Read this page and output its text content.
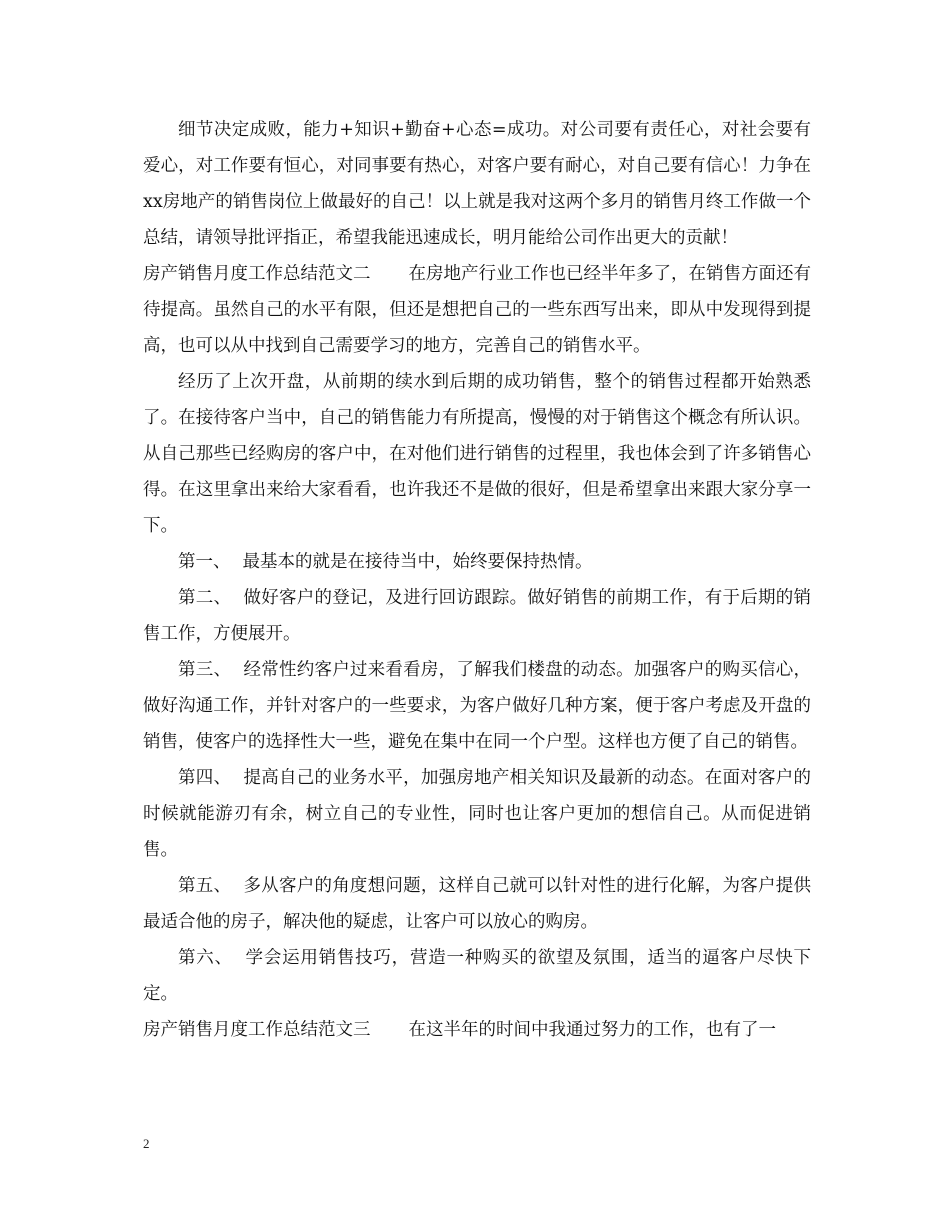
细节决定成败，能力+知识+勤奋+心态=成功。对公司要有责任心，对社会要有爱心，对工作要有恒心，对同事要有热心，对客户要有耐心，对自己要有信心！力争在xx房地产的销售岗位上做最好的自己！以上就是我对这两个多月的销售月终工作做一个总结，请领导批评指正，希望我能迅速成长，明月能给公司作出更大的贡献！

房产销售月度工作总结范文二 在房地产行业工作也已经半年多了，在销售方面还有待提高。虽然自己的水平有限，但还是想把自己的一些东西写出来，即从中发现得到提高，也可以从中找到自己需要学习的地方，完善自己的销售水平。

经历了上次开盘，从前期的续水到后期的成功销售，整个的销售过程都开始熟悉了。在接待客户当中，自己的销售能力有所提高，慢慢的对于销售这个概念有所认识。从自己那些已经购房的客户中，在对他们进行销售的过程里，我也体会到了许多销售心得。在这里拿出来给大家看看，也许我还不是做的很好，但是希望拿出来跟大家分享一下。

第一、 最基本的就是在接待当中，始终要保持热情。

第二、 做好客户的登记，及进行回访跟踪。做好销售的前期工作，有于后期的销售工作，方便展开。

第三、 经常性约客户过来看看房，了解我们楼盘的动态。加强客户的购买信心，做好沟通工作，并针对客户的一些要求，为客户做好几种方案，便于客户考虑及开盘的销售，使客户的选择性大一些，避免在集中在同一个户型。这样也方便了自己的销售。

第四、 提高自己的业务水平，加强房地产相关知识及最新的动态。在面对客户的时候就能游刃有余，树立自己的专业性，同时也让客户更加的想信自己。从而促进销售。

第五、 多从客户的角度想问题，这样自己就可以针对性的进行化解，为客户提供最适合他的房子，解决他的疑虑，让客户可以放心的购房。

第六、 学会运用销售技巧，营造一种购买的欲望及氛围，适当的逼客户尽快下定。

房产销售月度工作总结范文三 在这半年的时间中我通过努力的工作，也有了一

2
